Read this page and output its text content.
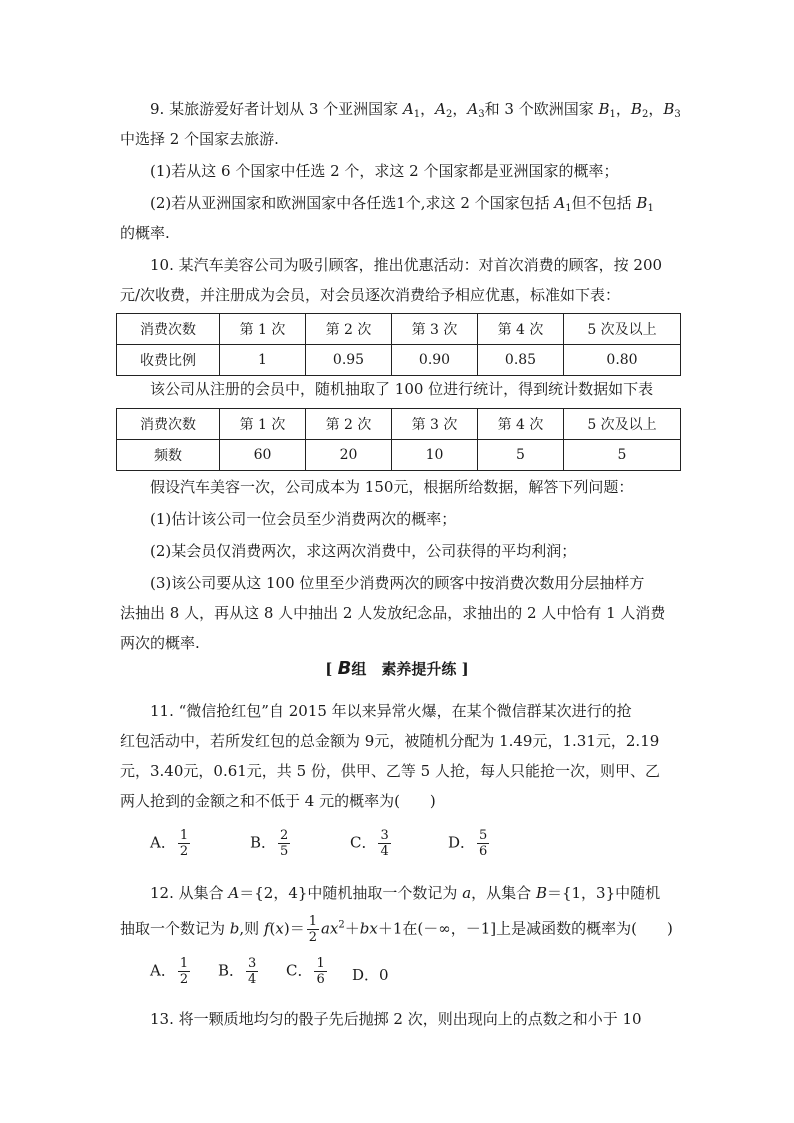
9. 某旅游爱好者计划从 3 个亚洲国家 $A_1$，$A_2$，$A_3$和 3 个欧洲国家 $B_1$，$B_2$，$B_3$
中选择 2 个国家去旅游.
(1)若从这 6 个国家中任选 2 个，求这 2 个国家都是亚洲国家的概率；
(2)若从亚洲国家和欧洲国家中各任选1个,求这 2 个国家包括 $A_1$但不包括 $B_1$
的概率.
10. 某汽车美容公司为吸引顾客，推出优惠活动：对首次消费的顾客，按 200
元/次收费，并注册成为会员，对会员逐次消费给予相应优惠，标准如下表：
消费次数	第 1 次	第 2 次	第 3 次	第 4 次	5 次及以上
收费比例	1	0.95	0.90	0.85	0.80
该公司从注册的会员中，随机抽取了 100 位进行统计，得到统计数据如下表
消费次数	第 1 次	第 2 次	第 3 次	第 4 次	5 次及以上
频数	60	20	10	5	5
假设汽车美容一次，公司成本为 150元，根据所给数据，解答下列问题：
(1)估计该公司一位会员至少消费两次的概率；
(2)某会员仅消费两次，求这两次消费中，公司获得的平均利润；
(3)该公司要从这 100 位里至少消费两次的顾客中按消费次数用分层抽样方
法抽出 8 人，再从这 8 人中抽出 2 人发放纪念品，求抽出的 2 人中恰有 1 人消费
两次的概率.
[ B组　素养提升练 ]
11. “微信抢红包”自 2015 年以来异常火爆，在某个微信群某次进行的抢
红包活动中，若所发红包的总金额为 9元，被随机分配为 1.49元，1.31元，2.19
元，3.40元，0.61元，共 5 份，供甲、乙等 5 人抢，每人只能抢一次，则甲、乙
两人抢到的金额之和不低于 4 元的概率为(　　)
A． $\frac{1}{2}$	B． $\frac{2}{5}$	C． $\frac{3}{4}$	D． $\frac{5}{6}$
12. 从集合 A＝{2，4}中随机抽取一个数记为 a，从集合 B＝{1，3}中随机
抽取一个数记为 b,则 $f(x)= \frac{1}{2} ax^2+bx+1$在(－∞，－1]上是减函数的概率为(　　)
A． $\frac{1}{2}$ B． $\frac{3}{4}$ C． $\frac{1}{6}$ D．0
13. 将一颗质地均匀的骰子先后抛掷 2 次，则出现向上的点数之和小于 10
